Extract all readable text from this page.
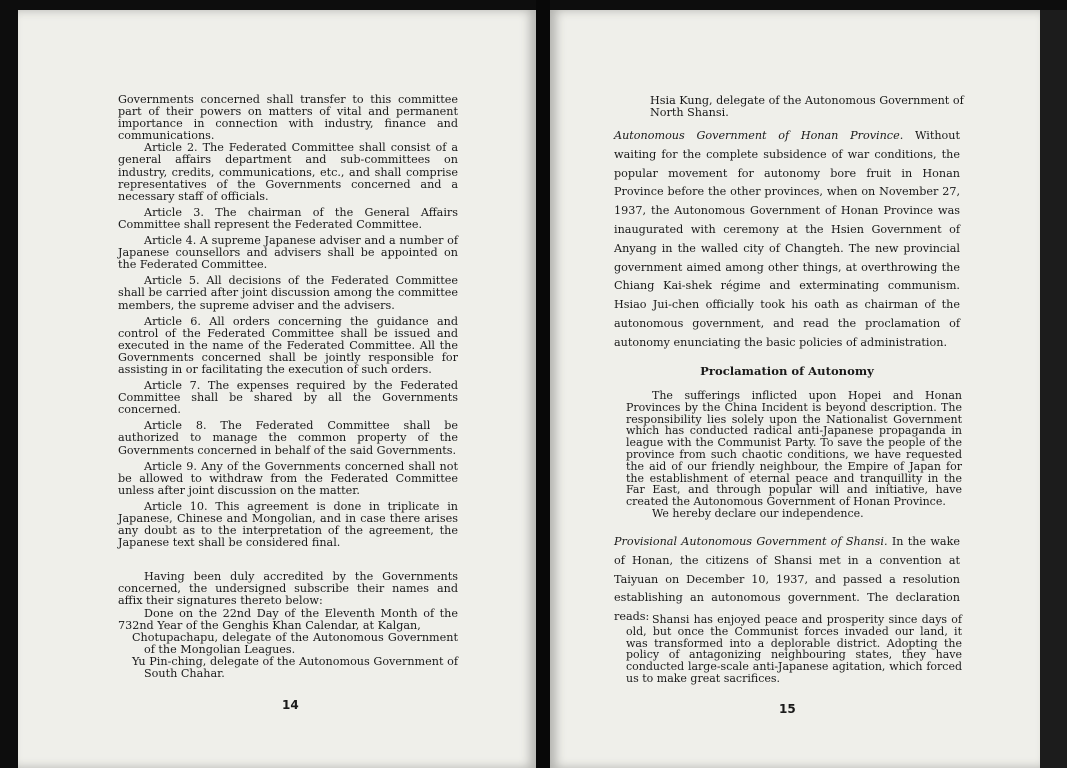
Governments concerned shall transfer to this committee part of their powers on matters of vital and permanent importance in connection with industry, finance and communications.

Article 2. The Federated Committee shall consist of a general affairs department and sub-committees on industry, credits, communications, etc., and shall comprise representatives of the Governments concerned and a necessary staff of officials.

Article 3. The chairman of the General Affairs Committee shall represent the Federated Committee.

Article 4. A supreme Japanese adviser and a number of Japanese counsellors and advisers shall be appointed on the Federated Committee.

Article 5. All decisions of the Federated Committee shall be carried after joint discussion among the committee members, the supreme adviser and the advisers.

Article 6. All orders concerning the guidance and control of the Federated Committee shall be issued and executed in the name of the Federated Committee. All the Governments concerned shall be jointly responsible for assisting in or facilitating the execution of such orders.

Article 7. The expenses required by the Federated Committee shall be shared by all the Governments concerned.

Article 8. The Federated Committee shall be authorized to manage the common property of the Governments concerned in behalf of the said Governments.

Article 9. Any of the Governments concerned shall not be allowed to withdraw from the Federated Committee unless after joint discussion on the matter.

Article 10. This agreement is done in triplicate in Japanese, Chinese and Mongolian, and in case there arises any doubt as to the interpretation of the agreement, the Japanese text shall be considered final.

Having been duly accredited by the Governments concerned, the undersigned subscribe their names and affix their signatures thereto below:

Done on the 22nd Day of the Eleventh Month of the 732nd Year of the Genghis Khan Calendar, at Kalgan,

Chotupachapu, delegate of the Autonomous Government of the Mongolian Leagues.

Yu Pin-ching, delegate of the Autonomous Government of South Chahar.

14
Hsia Kung, delegate of the Autonomous Government of North Shansi.
Autonomous Government of Honan Province. Without waiting for the complete subsidence of war conditions, the popular movement for autonomy bore fruit in Honan Province before the other provinces, when on November 27, 1937, the Autonomous Government of Honan Province was inaugurated with ceremony at the Hsien Government of Anyang in the walled city of Changteh. The new provincial government aimed among other things, at overthrowing the Chiang Kai-shek régime and exterminating communism. Hsiao Jui-chen officially took his oath as chairman of the autonomous government, and read the proclamation of autonomy enunciating the basic policies of administration.
Proclamation of Autonomy

The sufferings inflicted upon Hopei and Honan Provinces by the China Incident is beyond description. The responsibility lies solely upon the Nationalist Government which has conducted radical anti-Japanese propaganda in league with the Communist Party. To save the people of the province from such chaotic conditions, we have requested the aid of our friendly neighbour, the Empire of Japan for the establishment of eternal peace and tranquillity in the Far East, and through popular will and initiative, have created the Autonomous Government of Honan Province.

We hereby declare our independence.

Provisional Autonomous Government of Shansi. In the wake of Honan, the citizens of Shansi met in a convention at Taiyuan on December 10, 1937, and passed a resolution establishing an autonomous government. The declaration reads: Shansi has enjoyed peace and prosperity since days of old, but once the Communist forces invaded our land, it was transformed into a deplorable district. Adopting the policy of antagonizing neighbouring states, they have conducted large-scale anti-Japanese agitation, which forced us to make great sacrifices.

15
